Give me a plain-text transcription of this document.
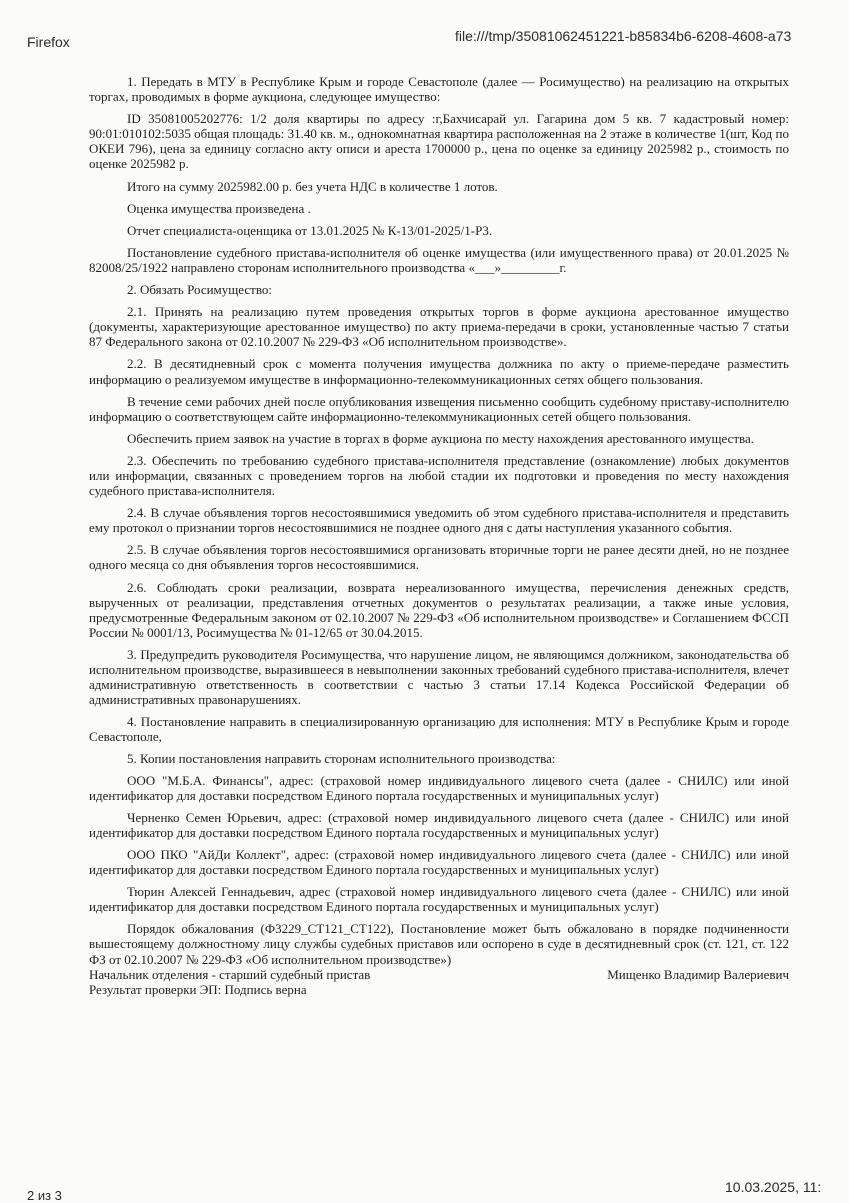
Firefox	file:///tmp/35081062451221-b85834b6-6208-4608-a73

1. Передать в МТУ в Республике Крым и городе Севастополе (далее — Росимущество) на реализацию на открытых торгах, проводимых в форме аукциона, следующее имущество:

ID 35081005202776: 1/2 доля квартиры по адресу :г,Бахчисарай ул. Гагарина дом 5 кв. 7 кадастровый номер: 90:01:010102:5035 общая площадь: 31.40 кв. м., однокомнатная квартира расположенная на 2 этаже в количестве 1(шт, Код по ОКЕИ 796), цена за единицу согласно акту описи и ареста 1700000 р., цена по оценке за единицу 2025982 р., стоимость по оценке 2025982 р.

Итого на сумму 2025982.00 р. без учета НДС в количестве 1 лотов.

Оценка имущества произведена .

Отчет специалиста-оценщика от 13.01.2025 № К-13/01-2025/1-Р3.

Постановление судебного пристава-исполнителя об оценке имущества (или имущественного права) от 20.01.2025 № 82008/25/1922 направлено сторонам исполнительного производства «___»_________г.

2. Обязать Росимущество:

2.1. Принять на реализацию путем проведения открытых торгов в форме аукциона арестованное имущество (документы, характеризующие арестованное имущество) по акту приема-передачи в сроки, установленные частью 7 статьи 87 Федерального закона от 02.10.2007 № 229-ФЗ «Об исполнительном производстве».

2.2. В десятидневный срок с момента получения имущества должника по акту о приеме-передаче разместить информацию о реализуемом имуществе в информационно-телекоммуникационных сетях общего пользования.

В течение семи рабочих дней после опубликования извещения письменно сообщить судебному приставу-исполнителю информацию о соответствующем сайте информационно-телекоммуникационных сетей общего пользования.

Обеспечить прием заявок на участие в торгах в форме аукциона по месту нахождения арестованного имущества.

2.3. Обеспечить по требованию судебного пристава-исполнителя представление (ознакомление) любых документов или информации, связанных с проведением торгов на любой стадии их подготовки и проведения по месту нахождения судебного пристава-исполнителя.

2.4. В случае объявления торгов несостоявшимися уведомить об этом судебного пристава-исполнителя и представить ему протокол о признании торгов несостоявшимися не позднее одного дня с даты наступления указанного события.

2.5. В случае объявления торгов несостоявшимися организовать вторичные торги не ранее десяти дней, но не позднее одного месяца со дня объявления торгов несостоявшимися.

2.6. Соблюдать сроки реализации, возврата нереализованного имущества, перечисления денежных средств, вырученных от реализации, представления отчетных документов о результатах реализации, а также иные условия, предусмотренные Федеральным законом от 02.10.2007 № 229-ФЗ «Об исполнительном производстве» и Соглашением ФССП России № 0001/13, Росимущества № 01-12/65 от 30.04.2015.

3. Предупредить руководителя Росимущества, что нарушение лицом, не являющимся должником, законодательства об исполнительном производстве, выразившееся в невыполнении законных требований судебного пристава-исполнителя, влечет административную ответственность в соответствии с частью 3 статьи 17.14 Кодекса Российской Федерации об административных правонарушениях.

4. Постановление направить в специализированную организацию для исполнения: МТУ в Республике Крым и городе Севастополе,

5. Копии постановления направить сторонам исполнительного производства:

ООО "М.Б.А. Финансы", адрес: (страховой номер индивидуального лицевого счета (далее - СНИЛС) или иной идентификатор для доставки посредством Единого портала государственных и муниципальных услуг)

Черненко Семен Юрьевич, адрес: (страховой номер индивидуального лицевого счета (далее - СНИЛС) или иной идентификатор для доставки посредством Единого портала государственных и муниципальных услуг)

ООО ПКО "АйДи Коллект", адрес: (страховой номер индивидуального лицевого счета (далее - СНИЛС) или иной идентификатор для доставки посредством Единого портала государственных и муниципальных услуг)

Тюрин Алексей Геннадьевич, адрес (страховой номер индивидуального лицевого счета (далее - СНИЛС) или иной идентификатор для доставки посредством Единого портала государственных и муниципальных услуг)

Порядок обжалования (Ф3229_СТ121_СТ122), Постановление может быть обжаловано в порядке подчиненности вышестоящему должностному лицу службы судебных приставов или оспорено в суде в десятидневный срок (ст. 121, ст. 122 ФЗ от 02.10.2007 № 229-ФЗ «Об исполнительном производстве»)

Начальник отделения - старший судебный пристав	Мищенко Владимир Валериевич

Результат проверки ЭП: Подпись верна

2 из 3
10.03.2025, 11:
